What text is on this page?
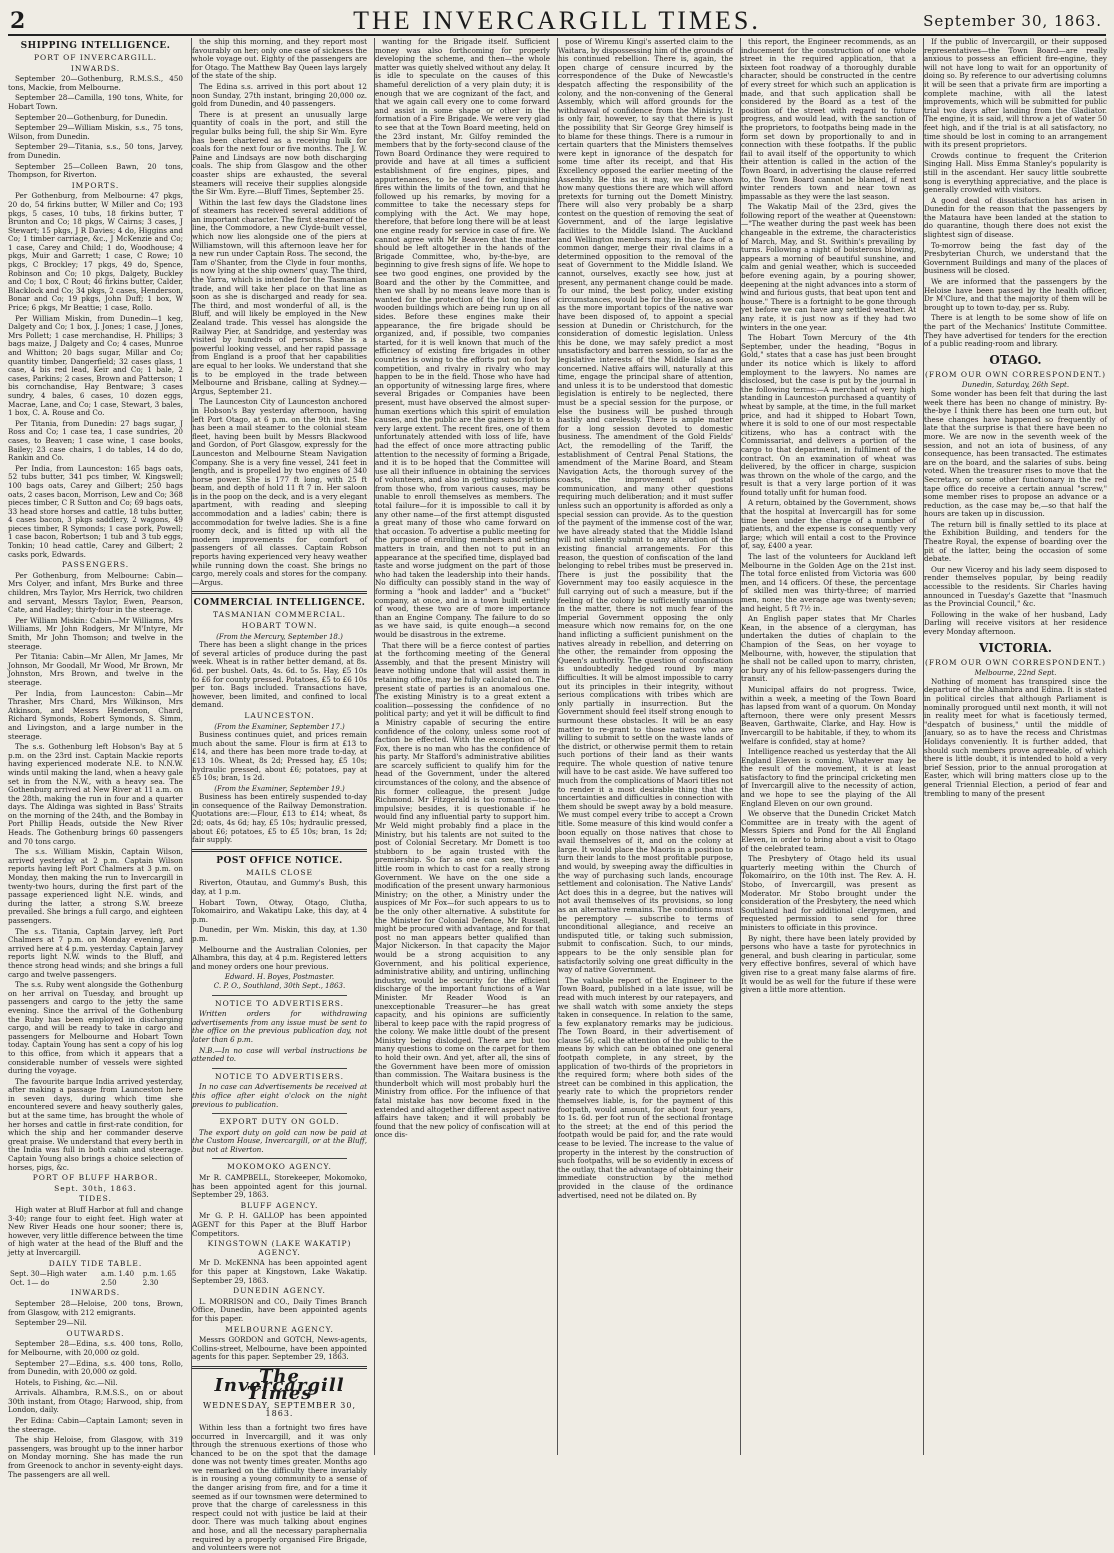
2	THE INVERCARGILL TIMES.	September 30, 1863.
SHIPPING INTELLIGENCE.
PORT OF INVERCARGILL.
INWARDS.

September 20—Gothenburg, R.M.S.S., 450 tons, Mackie, from Melbourne.

September 28—Camilla, 190 tons, White, for Hobart Town.

September 20—Gothenburg, for Dunedin.

September 29—William Miskin, s.s., 75 tons, Wilson, from Dunedin.

September 29—Titania, s.s., 50 tons, Jarvey, from Dunedin.

September 25—Colleen Bawn, 20 tons, Thompson, for Riverton.

IMPORTS.

Per Gothenburg, from Melbourne: 47 pkgs, 20 do, 54 firkins butter, W Miller and Co; 193 pkgs, 5 cases, 10 tubs, 18 firkins butter, T Brunton and Co; 18 pkgs, W Cairns; 3 cases, J Stewart; 15 pkgs, J R Davies; 4 do, Higgins and Co; 1 timber carriage, &c., J McKenzie and Co; 1 case, Carey and Child; 1 do, Woodhouse; 4 pkgs, Muir and Garrett; 1 case, C Rowe; 10 pkgs, C Brockley; 17 pkgs, 49 do, Spence, Robinson and Co; 10 pkgs, Dalgety, Buckley and Co; 1 box, C Rout; 46 firkins butter, Calder, Blacklock and Co; 34 pkgs, 2 cases, Henderson, Bonar and Co; 19 pkgs, John Duff; 1 box, W Price; 6 pkgs, Mr Beattie; 1 case, Rollo.

Per William Miskin, from Dunedin—1 keg, Dalgety and Co; 1 box, J. Jones; 1 case, J Jones, Mrs Pollett; 1 case merchandise, H. Phillips; 3 bags maize, J Dalgety and Co; 4 cases, Munroe and Whitton; 20 bags sugar, Millar and Co; quantity timber, Dangerfield; 32 cases glass, 1 case, 4 bis red lead, Keir and Co; 1 bale, 2 cases, Parkins; 2 cases, Brown and Patterson; 1 bis cornchandise, Hay Bentware; 3 cases sundry, 4 bales, 6 cases, 10 dozen eggs, Macrae, Lane, and Co; 1 case, Stewart, 3 bales, 1 box, C. A. Rouse and Co.

Per Titania, from Dunedin: 27 bags sugar, J Ross and Co; 1 case tea, 1 case sundries, 20 cases, to Beaven; 1 case wine, 1 case books, Bailey; 23 case chairs, 1 do tables, 14 do do, Rankin and Co.

Per India, from Launceston: 165 bags oats, 52 tubs butter, 341 pcs timber, W. Kingswell; 100 bags oats, Carey and Gilbert; 250 bags oats, 2 cases bacon, Morrison, Lew and Co; 368 pieces timber, C R Sutton and Co; 69 bags oats, 33 head store horses and cattle, 18 tubs butter, 4 cases bacon, 3 pkgs saddlery, 2 wagons, 49 pieces timber, R Symonds; 1 case pork, Powell; 1 case bacon, Robertson; 1 tub and 3 tub eggs, Tonkin; 10 head cattle, Carey and Gilbert; 2 casks pork, Edwards.

PASSENGERS.

Per Gothenburg, from Melbourne: Cabin—Mrs Colyer, and infant, Mrs Burke and three children, Mrs Taylor, Mrs Herrick, two children and servant, Messrs Taylor, Ewen, Pearson, Cate, and Hadley; thirty-four in the steerage.

Per William Miskin: Cabin—Mr Williams, Mrs Williams, Mr John Rodgers, Mr M'Intyre, Mr Smith, Mr John Thomson; and twelve in the steerage.

Per Titania: Cabin—Mr Allen, Mr James, Mr Johnson, Mr Goodall, Mr Wood, Mr Brown, Mr Johnston, Mrs Brown, and twelve in the steerage.

Per India, from Launceston: Cabin—Mr Thrasher, Mrs Chard, Mrs Wilkinson, Mrs Atkinson, and Messrs Henderson, Chard, Richard Symonds, Robert Symonds, S. Simm, and Livingston, and a large number in the steerage.

The s.s. Gothenburg left Hobson's Bay at 5 p.m. on the 23rd inst. Captain Mackie reports having experienced moderate N.E. to N.N.W. winds until making the land, when a heavy gale set in from the N.W., with a heavy sea. The Gothenburg arrived at New River at 11 a.m. on the 28th, making the run in four and a quarter days. The Aldinga was sighted in Bass' Straits on the morning of the 24th, and the Bombay in Port Phillip Heads, outside the New River Heads. The Gothenburg brings 60 passengers and 70 tons cargo.

The s.s. William Miskin, Captain Wilson, arrived yesterday at 2 p.m. Captain Wilson reports having left Port Chalmers at 3 p.m. on Monday, then making the run to Invercargill in twenty-two hours, during the first part of the passage experienced light N.E. winds, and during the latter, a strong S.W. breeze prevailed. She brings a full cargo, and eighteen passengers.

The s.s. Titania, Captain Jarvey, left Port Chalmers at 7 p.m. on Monday evening, and arrived here at 4 p.m. yesterday. Captain Jarvey reports light N.W. winds to the Bluff, and thence strong head winds; and she brings a full cargo and twelve passengers.

The s.s. Ruby went alongside the Gothenburg on her arrival on Tuesday, and brought up passengers and cargo to the jetty the same evening. Since the arrival of the Gothenburg the Ruby has been employed in discharging cargo, and will be ready to take in cargo and passengers for Melbourne and Hobart Town today. Captain Young has sent a copy of his log to this office, from which it appears that a considerable number of vessels were sighted during the voyage.

The favourite barque India arrived yesterday, after making a passage from Launceston here in seven days, during which time she encountered severe and heavy southerly gales, but at the same time, has brought the whole of her horses and cattle in first-rate condition, for which the ship and her commander deserve great praise. We understand that every berth in the India was full in both cabin and steerage. Captain Young also brings a choice selection of horses, pigs, &c.

PORT OF BLUFF HARBOR.
Sept. 30th, 1863.
TIDES.

High water at Bluff Harbor at full and change 3·40; range four to eight feet. High water at New River Heads one hour sooner; there is, however, very little difference between the time of high water at the head of the Bluff and the jetty at Invercargill.

DAILY TIDE TABLE.
Sept. 30—High water	a.m. 1.40	p.m. 1.65
Oct. 1— do	2.50	2.30
INWARDS.

September 28—Heloise, 200 tons, Brown, from Glasgow, with 212 emigrants.

September 29—Nil.

OUTWARDS.

September 28—Edina, s.s. 400 tons, Rollo, for Melbourne, with 20,000 oz gold.

September 27—Edina, s.s. 400 tons, Rollo, from Dunedin, with 20,000 oz gold.

Hotels, to Fishing, &c.—Nil.

Arrivals. Alhambra, R.M.S.S., on or about 30th instant, from Otago; Harwood, ship, from London, daily.

Per Edina: Cabin—Captain Lamont; seven in the steerage.

The ship Heloise, from Glasgow, with 319 passengers, was brought up to the inner harbor on Monday morning. She has made the run from Greenock to anchor in seventy-eight days. The passengers are all well.

the ship this morning, and they report most favourably on her; only one case of sickness the whole voyage out. Eighty of the passengers are for Otago. The Matthew Bay Queen lays largely of the state of the ship.

The Edina s.s. arrived in this port about 12 noon Sunday, 27th instant, bringing 20,000 oz. gold from Dunedin, and 40 passengers.

There is at present an unusually large quantity of coals in the port, and still the regular bulks being full, the ship Sir Wm. Eyre has been chartered as a receiving hulk for coals for the next four or five months. The J. W. Paine and Lindsays are now both discharging coals. The ship from Glasgow and the other coaster ships are exhausted, the several steamers will receive their supplies alongside the Sir Wm. Eyre.—Bluff Times, September 25.

Within the last few days the Gladstone lines of steamers has received several additions of an important character. The first steamer of the line, the Commodore, a new Clyde-built vessel, which now lies alongside one of the piers at Williamstown, will this afternoon leave her for a new run under Captain Ross. The second, the Tam o'Shanter, from the Clyde in four months, is now lying at the ship owners' quay. The third, the Yarra, which is intended for the Tasmanian trade, and will take her place on that line as soon as she is discharged and ready for sea. The third, and most wonderful of all, is the Bluff, and will likely be employed in the New Zealand trade. This vessel has alongside the Railway Pier, at Sandridge, and yesterday was visited by hundreds of persons. She is a powerful looking vessel, and her rapid passage from England is a proof that her capabilities are equal to her looks. We understand that she is to be employed in the trade between Melbourne and Brisbane, calling at Sydney.—Argus, September 21.

The Launceston City of Launceston anchored in Hobson's Bay yesterday afternoon, having left Port Otago, at 6 p.m. on the 9th inst. She has been a mail steamer to the colonial steam fleet, having been built by Messrs Blackwood and Gordon, of Port Glasgow, expressly for the Launceston and Melbourne Steam Navigation Company. She is a very fine vessel, 241 feet in length, and is propelled by two engines of 340 horse power. She is 177 ft long, with 25 ft beam, and depth of hold 11 ft 7 in. Her saloon is in the poop on the deck, and is a very elegant apartment, with reading and sleeping accommodation and a ladies' cabin; there is accommodation for twelve ladies. She is a fine roomy deck, and is fitted up with all the modern improvements for comfort of passengers of all classes. Captain Robson reports having experienced very heavy weather while running down the coast. She brings no cargo, merely coals and stores for the company.—Argus.

COMMERCIAL INTELLIGENCE.
TASMANIAN COMMERCIAL.
HOBART TOWN.
(From the Mercury, September 18.)

There has been a slight change in the prices of several articles of produce during the past week. Wheat is in rather better demand, at 8s. 6d. per bushel. Oats, 4s. 6d. to 5s. Hay, £5 10s to £6 for county pressed. Potatoes, £5 to £6 10s per ton. Bags included. Transactions have, however, been limited, and confined to local demand.

LAUNCESTON.
(From the Examiner, September 17.)

Business continues quiet, and prices remain much about the same. Flour is firm at £13 to £14, and there has been more trade to-day, at £13 10s. Wheat, 8s 2d; Pressed hay, £5 10s; hydraulic pressed, about £6; potatoes, pay at £5 10s; bran, 1s 2d.

(From the Examiner, September 19.)

Business has been entirely suspended to-day in consequence of the Railway Demonstration. Quotations are:—Flour, £13 to £14; wheat, 8s 2d; oats, 4s 6d; hay, £5 10s; hydraulic pressed, about £6; potatoes, £5 to £5 10s; bran, 1s 2d; fair supply.

POST OFFICE NOTICE.
MAILS CLOSE

Riverton, Otautau, and Gummy's Bush, this day, at 1 p.m.

Hobart Town, Otway, Otago, Clutha, Tokomairiro, and Wakatipu Lake, this day, at 4 p.m.

Dunedin, per Wm. Miskin, this day, at 1.30 p.m.

Melbourne and the Australian Colonies, per Alhambra, this day, at 4 p.m. Registered letters and money orders one hour previous.

Edward. H. Boyes, Postmaster.
C. P. O., Southland, 30th Sept., 1863.
NOTICE TO ADVERTISERS.

Written orders for withdrawing advertisements from any issue must be sent to the office on the previous publication day, not later than 6 p.m.

N.B.—In no case will verbal instructions be attended to.

NOTICE TO ADVERTISERS.

In no case can Advertisements be received at this office after eight o'clock on the night previous to publication.

EXPORT DUTY ON GOLD.

The export duty on gold can now be paid at the Custom House, Invercargill, or at the Bluff, but not at Riverton.

MOKOMOKO AGENCY.

Mr R. CAMPBELL, Storekeeper, Mokomoko, has been appointed agent for this journal. September 29, 1863.

BLUFF AGENCY.

Mr G. P. H. GALLOP has been appointed AGENT for this Paper at the Bluff Harbor Competitors.

KINGSTOWN (LAKE WAKATIP) AGENCY.

Mr D. McKENNA has been appointed agent for this paper at Kingstown, Lake Wakatip. September 29, 1863.

DUNEDIN AGENCY.

L. MORRISON and CO., Daily Times Branch Office, Dunedin, have been appointed agents for this paper.

MELBOURNE AGENCY.

Messrs GORDON and GOTCH, News-agents, Collins-street, Melbourne, have been appointed agents for this paper. September 29, 1863.

The Invercargill Times
WEDNESDAY, SEPTEMBER 30, 1863.

Within less than a fortnight two fires have occurred in Invercargill, and it was only through the strenuous exertions of those who chanced to be on the spot that the damage done was not twenty times greater. Months ago we remarked on the difficulty there invariably is in rousing a young community to a sense of the danger arising from fire, and for a time it seemed as if our townsmen were determined to prove that the charge of carelessness in this respect could not with justice be laid at their door. There was much talking about engines and hose, and all the necessary paraphernalia required by a properly organised Fire Brigade, and volunteers were not

wanting for the Brigade itself. Sufficient money was also forthcoming for properly developing the scheme, and then—the whole matter was quietly shelved without any delay. It is idle to speculate on the causes of this shameful dereliction of a very plain duty; it is enough that we are cognizant of the fact, and that we again call every one to come forward and assist in some shape or other in the formation of a Fire Brigade. We were very glad to see that at the Town Board meeting, held on the 23rd instant, Mr. Gilfoy reminded the members that by the forty-second clause of the Town Board Ordinance they were required to provide and have at all times a sufficient establishment of fire engines, pipes, and appurtenances, to be used for extinguishing fires within the limits of the town, and that he followed up his remarks, by moving for a committee to take the necessary steps for complying with the Act. We may hope, therefore, that before long there will be at least one engine ready for service in case of fire. We cannot agree with Mr Beaven that the matter should be left altogether in the hands of the Brigade Committee, who, by-the-bye, are beginning to give fresh signs of life. We hope to see two good engines, one provided by the Board and the other by the Committee, and then we shall by no means leave more than is wanted for the protection of the long lines of wooden buildings which are being run up on all sides. Before these engines make their appearance, the fire brigade should be organized, and, if possible, two companies started, for it is well known that much of the efficiency of existing fire brigades in other countries is owing to the efforts put on foot by competition, and rivalry in rivalry who may happen to be in the field. Those who have had an opportunity of witnessing large fires, where several Brigades or Companies have been present, must have observed the almost super-human exertions which this spirit of emulation causes, and the public are the gainers by it to a very large extent. The recent fires, one of them unfortunately attended with loss of life, have had the effect of once more attracting public attention to the necessity of forming a Brigade, and it is to be hoped that the Committee will use all their influence in obtaining the services of volunteers, and also in getting subscriptions from those who, from various causes, may be unable to enroll themselves as members. The total failure—for it is impossible to call it by any other name—of the first attempt disgusted a great many of those who came forward on that occasion. To advertise a public meeting for the purpose of enrolling members and setting matters in train, and then not to put in an appearance at the specified time, displayed bad taste and worse judgment on the part of those who had taken the leadership into their hands. No difficulty can possibly stand in the way of forming a "hook and ladder" and a "bucket" company, at once, and in a town built entirely of wood, these two are of more importance than an Engine Company. The failure to do so as we have said, is quite enough—a second would be disastrous in the extreme.

That there will be a fierce contest of parties at the forthcoming meeting of the General Assembly, and that the present Ministry will leave nothing undone that will assist them in retaining office, may be fully calculated on. The present state of parties is an anomalous one. The existing Ministry is to a great extent a coalition—possessing the confidence of no political party; and yet it will be difficult to find a Ministry capable of securing the entire confidence of the colony, unless some root of faction be effected. With the exception of Mr Fox, there is no man who has the confidence of his party. Mr Stafford's administrative abilities are scarcely sufficient to qualify him for the head of the Government, under the altered circumstances of the colony, and the absence of his former colleague, the present Judge Richmond. Mr Fitzgerald is too romantic—too impulsive; besides, it is questionable if he would find any influential party to support him. Mr Weld might probably find a place in the Ministry, but his talents are not suited to the post of Colonial Secretary. Mr Domett is too stubborn to be again trusted with the premiership. So far as one can see, there is little room in which to cast for a really strong Government. We have on the one side a modification of the present unwary harmonious Ministry; on the other, a Ministry under the auspices of Mr Fox—for such appears to us to be the only other alternative. A substitute for the Minister for Colonial Defence, Mr Russell, might be procured with advantage, and for that post no man appears better qualified than Major Nickerson. In that capacity the Major would be a strong acquisition to any Government, and his political experience, administrative ability, and untiring, unflinching industry, would be security for the efficient discharge of the important functions of a War Minister. Mr Reader Wood is an unexceptionable Treasurer—he has great capacity, and his opinions are sufficiently liberal to keep pace with the rapid progress of the colony. We make little doubt of the present Ministry being dislodged. There are but too many questions to come on the carpet for them to hold their own. And yet, after all, the sins of the Government have been more of omission than commission. The Waitara business is the thunderbolt which will most probably hurl the Ministry from office. For the influence of that fatal mistake has now become fixed in the extended and altogether different aspect native affairs have taken; and it will probably be found that the new policy of confiscation will at once dis-

pose of Wiremu Kingi's asserted claim to the Waitara, by dispossessing him of the grounds of his continued rebellion. There is, again, the open charge of censure incurred by the correspondence of the Duke of Newcastle's despatch affecting the responsibility of the colony, and the non-convening of the General Assembly, which will afford grounds for the withdrawal of confidence from the Ministry. It is only fair, however, to say that there is just the possibility that Sir George Grey himself is to blame for these things. There is a rumour in certain quarters that the Ministers themselves were kept in ignorance of the despatch for some time after its receipt, and that His Excellency opposed the earlier meeting of the Assembly. Be this as it may, we have shown how many questions there are which will afford pretexts for turning out the Domett Ministry. There will also very probably be a sharp contest on the question of removing the seat of Government, and of the large legislative facilities to the Middle Island. The Auckland and Wellington members may, in the face of a common danger, merge their rival claims in a determined opposition to the removal of the seat of Government to the Middle Island. We cannot, ourselves, exactly see how, just at present, any permanent change could be made. To our mind, the best policy, under existing circumstances, would be for the House, as soon as the more important topics of the native war have been disposed of, to appoint a special session at Dunedin or Christchurch, for the consideration of domestic legislation. Unless this be done, we may safely predict a most unsatisfactory and barren session, so far as the legislative interests of the Middle Island are concerned. Native affairs will, naturally at this time, engage the principal share of attention, and unless it is to be understood that domestic legislation is entirely to be neglected, there must be a special session for the purpose, or else the business will be pushed through hastily and carelessly. There is ample matter for a long session devoted to domestic business. The amendment of the Gold Fields' Act, the remodelling of the Tariff, the establishment of Central Penal Stations, the amendment of the Marine Board, and Steam Navigation Acts, the thorough survey of the coasts, the improvement of postal communication, and many other questions requiring much deliberation; and it must suffer unless such an opportunity is afforded as only a special session can provide. As to the question of the payment of the immense cost of the war, we have already stated that the Middle Island will not silently submit to any alteration of the existing financial arrangements. For this reason, the question of confiscation of the land belonging to rebel tribes must be preserved in. There is just the possibility that the Government may too easily acquiesce in the full carrying out of such a measure, but if the feeling of the colony be sufficiently unanimous in the matter, there is not much fear of the Imperial Government opposing the only measure which now remains for, on the one hand inflicting a sufficient punishment on the natives already in rebellion, and deterring on the other, the remainder from opposing the Queen's authority. The question of confiscation is undoubtedly hedged round by many difficulties. It will be almost impossible to carry out its principles in their integrity, without serious complications with tribes which are only partially in insurrection. But the Government should feel itself strong enough to surmount these obstacles. It will be an easy matter to re-grant to those natives who are willing to submit to settle on the waste lands of the district, or otherwise permit them to retain such portions of their land as their wants require. The whole question of native tenure will have to be cast aside. We have suffered too much from the complications of Maori titles not to render it a most desirable thing that the uncertainties and difficulties in connection with them should be swept away by a bold measure. We must compel every tribe to accept a Crown title. Some measure of this kind would confer a boon equally on those natives that chose to avail themselves of it, and on the colony at large. It would place the Maoris in a position to turn their lands to the most profitable purpose, and would, by sweeping away the difficulties in the way of purchasing such lands, encourage settlement and colonisation. The Native Lands' Act does this in a degree, but the natives will not avail themselves of its provisions, so long as an alternative remains. The conditions must be peremptory — subscribe to terms of unconditional allegiance, and receive an undisputed title, or taking such submission, submit to confiscation. Such, to our minds, appears to be the only sensible plan for satisfactorily solving one great difficulty in the way of native Government.

The valuable report of the Engineer to the Town Board, published in a late issue, will be read with much interest by our ratepayers, and we shall watch with some anxiety the steps taken in consequence. In relation to the same, a few explanatory remarks may be judicious. The Town Board, in their advertisement of clause 56, call the attention of the public to the means by which can be obtained one general footpath complete, in any street, by the application of two-thirds of the proprietors in the required form; where both sides of the street can be combined in this application, the yearly rate to which the proprietors render themselves liable, is, for the payment of this footpath, would amount, for about four years, to 1s. 6d. per foot run of the sectional frontage to the street; at the end of this period the footpath would be paid for, and the rate would cease to be levied. The increase to the value of property in the interest by the construction of such footpaths, will be so evidently in excess of the outlay, that the advantage of obtaining their immediate construction by the method provided in the clause of the ordinance advertised, need not be dilated on. By

this report, the Engineer recommends, as an inducement for the construction of one whole street in the required application, that a sixteen foot roadway of a thoroughly durable character, should be constructed in the centre of every street for which such an application is made, and that such application shall be considered by the Board as a test of the position of the street with regard to future progress, and would lead, with the sanction of the proprietors, to footpaths being made in the form set down by proportionally to and in connection with these footpaths. If the public fail to avail itself of the opportunity to which their attention is called in the action of the Town Board, in advertising the clause referred to, the Town Board cannot be blamed, if next winter renders town and near town as impassable as they were the last season.

The Wakatip Mail of the 23rd, gives the following report of the weather at Queenstown:—"The weather during the past week has been changeable in the extreme, the characteristics of March, May, and St. Swithin's prevailing by turns. Following a night of boisterous blowing, appears a morning of beautiful sunshine, and calm and genial weather, which is succeeded before evening again, by a pouring shower, deepening at the night advances into a storm of wind and furious gusts, that beat upon tent and house." There is a fortnight to be gone through yet before we can have any settled weather. At any rate, it is just now as if they had two winters in the one year.

The Hobart Town Mercury of the 4th September, under the heading, "Bogus in Gold," states that a case has just been brought under its notice which is likely to afford employment to the lawyers. No names are disclosed, but the case is put by the journal in the following terms:—A merchant of very high standing in Launceston purchased a quantity of wheat by sample, at the time, in the full market price, and had it shipped to Hobart Town, where it is sold to one of our most respectable citizens, who has a contract with the Commissariat, and delivers a portion of the cargo to that department, in fulfilment of the contract. On an examination of wheat was delivered, by the officer in charge, suspicion was thrown on the whole of the cargo, and the result is that a very large portion of it was found totally unfit for human food.

A return, obtained by the Government, shows that the hospital at Invercargill has for some time been under the charge of a number of patients, and the expense is consequently very large; which will entail a cost to the Province of, say, £400 a year.

The last of the volunteers for Auckland left Melbourne in the Golden Age on the 21st inst. The total force enlisted from Victoria was 600 men, and 14 officers. Of these, the percentage of skilled men was thirty-three; of married men, none; the average age was twenty-seven; and height, 5 ft 7½ in.

An English paper states that Mr Charles Kean, in the absence of a clergyman, has undertaken the duties of chaplain to the Champion of the Seas, on her voyage to Melbourne, with, however, the stipulation that he shall not be called upon to marry, christen, or bury any of his fellow-passengers during the transit.

Municipal affairs do not progress. Twice, within a week, a meeting of the Town Board has lapsed from want of a quorum. On Monday afternoon, there were only present Messrs Beaven, Garthwaite, Clarke, and Hay. How is Invercargill to be habitable, if they, to whom its welfare is confided, stay at home?

Intelligence reached us yesterday that the All England Eleven is coming. Whatever may be the result of the movement, it is at least satisfactory to find the principal cricketing men of Invercargill alive to the necessity of action, and we hope to see the playing of the All England Eleven on our own ground.

We observe that the Dunedin Cricket Match Committee are in treaty with the agent of Messrs Spiers and Pond for the All England Eleven, in order to bring about a visit to Otago of the celebrated team.

The Presbytery of Otago held its usual quarterly meeting within the Church of Tokomairiro, on the 10th inst. The Rev. A. H. Stobo, of Invercargill, was present as Moderator. Mr Stobo brought under the consideration of the Presbytery, the need which Southland had for additional clergymen, and requested permission to send for three ministers to officiate in this province.

By night, there have been lately provided by persons who have a taste for pyrotechnics in general, and bush clearing in particular, some very effective bonfires, several of which have given rise to a great many false alarms of fire. It would be as well for the future if these were given a little more attention.

If the public of Invercargill, or their supposed representatives—the Town Board—are really anxious to possess an efficient fire-engine, they will not have long to wait for an opportunity of doing so. By reference to our advertising columns it will be seen that a private firm are importing a complete machine, with all the latest improvements, which will be submitted for public trial two days after landing from the Gladiator. The engine, it is said, will throw a jet of water 50 feet high, and if the trial is at all satisfactory, no time should be lost in coming to an arrangement with its present proprietors.

Crowds continue to frequent the Criterion Singing Hall. Miss Emma Stanley's popularity is still in the ascendant. Her saucy little soubrette song is everything appreciative, and the place is generally crowded with visitors.

A good deal of dissatisfaction has arisen in Dunedin for the reason that the passengers by the Mataura have been landed at the station to do quarantine, though there does not exist the slightest sign of disease.

To-morrow being the fast day of the Presbyterian Church, we understand that the Government Buildings and many of the places of business will be closed.

We are informed that the passengers by the Heloise have been passed by the health officer, Dr M'Clure, and that the majority of them will be brought up to town to-day, per ss. Ruby.

There is at length to be some show of life on the part of the Mechanics' Institute Committee. They have advertised for tenders for the erection of a public reading-room and library.

OTAGO.
(FROM OUR OWN CORRESPONDENT.)
Dunedin, Saturday, 26th Sept.

Some wonder has been felt that during the last week there has been no change of ministry. By-the-bye I think there has been one turn out, but these changes have happened so frequently of late that the surprise is that there have been no more. We are now in the seventh week of the session, and not an iota of business, of any consequence, has been transacted. The estimates are on the board, and the salaries of subs. being voted. When the treasurer rises to move that the Secretary, or some other functionary in the red tape office do receive a certain annual "screw," some member rises to propose an advance or a reduction, as the case may be,—so that half the hours are taken up in discussion.

The return bill is finally settled to its place at the Exhibition Building, and tenders for the Theatre Royal, the expense of boarding over the pit of the latter, being the occasion of some debate.

Our new Viceroy and his lady seem disposed to render themselves popular, by being readily accessible to the residents. Sir Charles having announced in Tuesday's Gazette that "Inasmuch as the Provincial Council," &c.

Following in the wake of her husband, Lady Darling will receive visitors at her residence every Monday afternoon.

VICTORIA.
(FROM OUR OWN CORRESPONDENT.)
Melbourne, 22nd Sept.

Nothing of moment has transpired since the departure of the Alhambra and Edina. It is stated in political circles that although Parliament is nominally prorogued until next month, it will not in reality meet for what is facetiously termed, "despatch of business," until the middle of January, so as to have the recess and Christmas Holidays conveniently. It is further added, that should such members prove agreeable, of which there is little doubt, it is intended to hold a very brief Session, prior to the annual prorogation at Easter, which will bring matters close up to the general Triennial Election, a period of fear and trembling to many of the present
